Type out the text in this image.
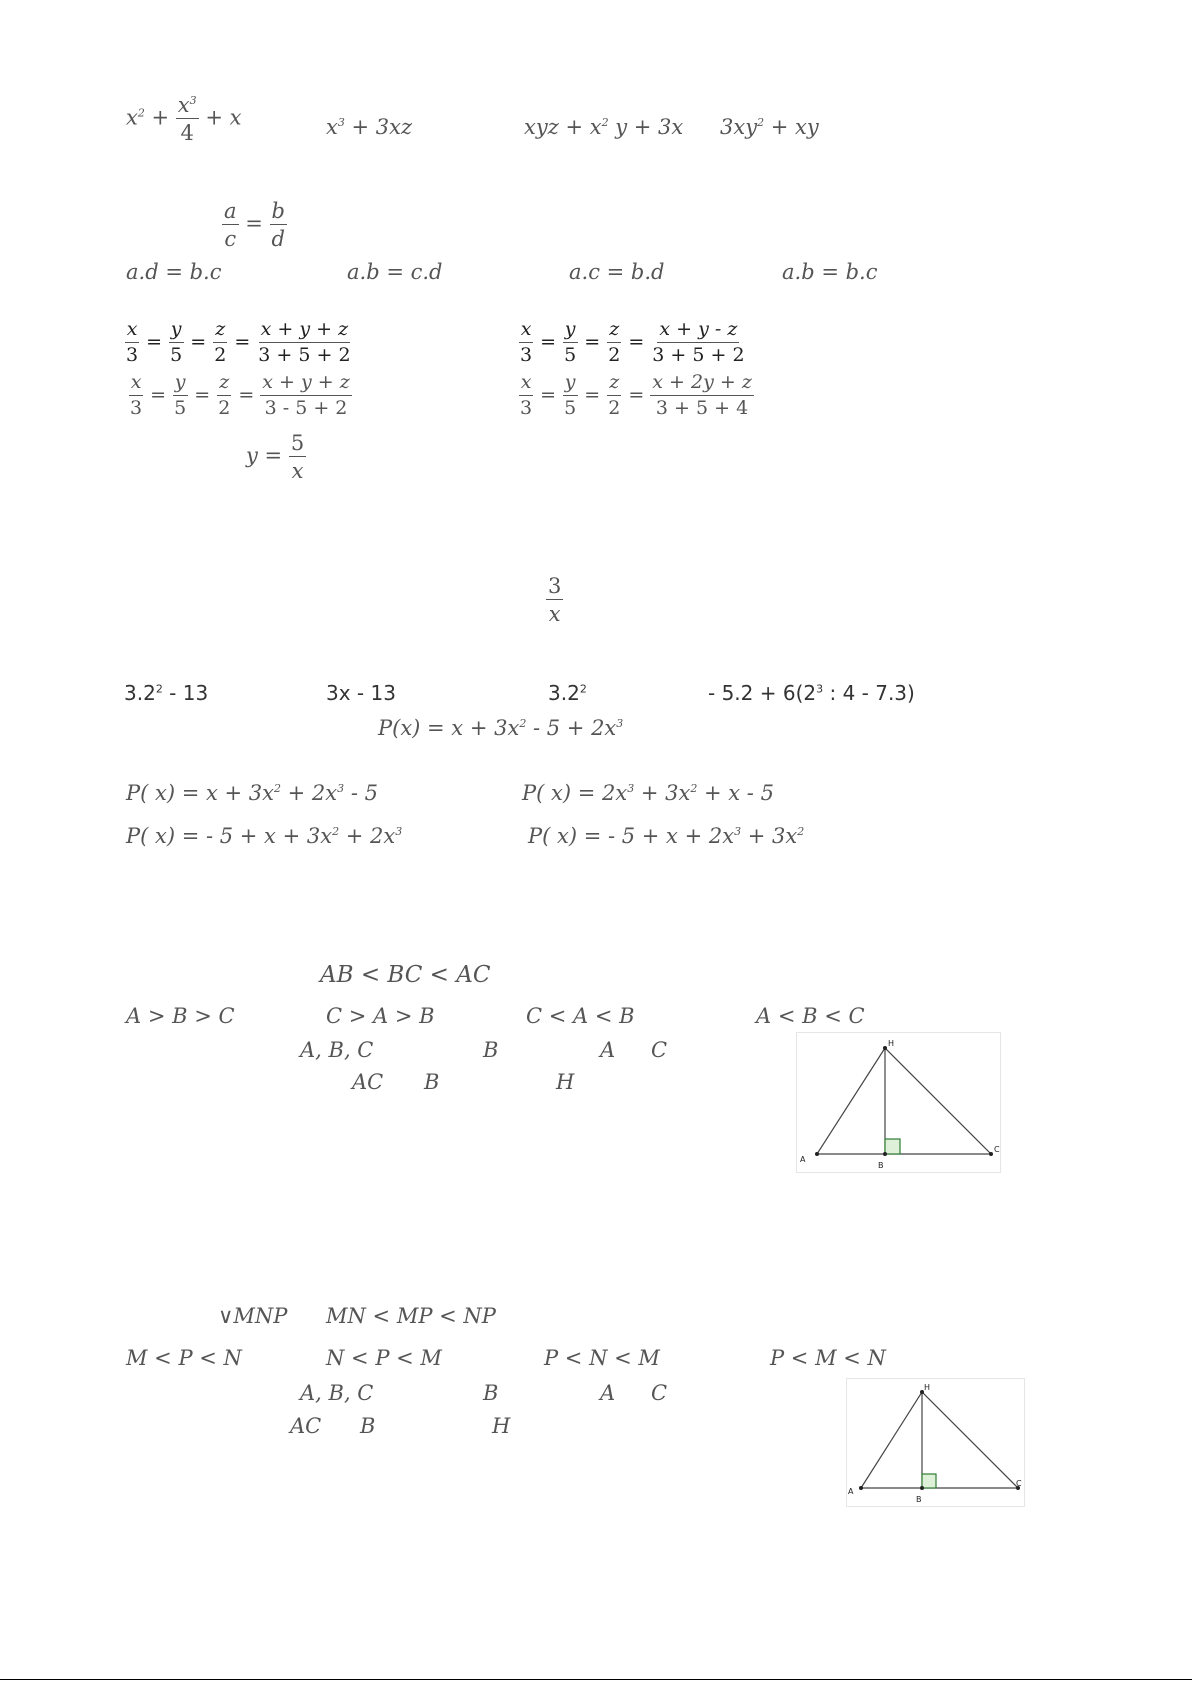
$x^2 + \frac{x^3}{4} + x$	$x^3 + 3xz$	xyz + $x^2$ y + 3x $3xy^2$ + xy
$\frac{a}{c} = \frac{b}{d}$
a.d = b.c	a.b = c.d	a.c = b.d	a.b = b.c
$\frac{x}{3} = \frac{y}{5} = \frac{z}{2} = \frac{x + y + z}{3 + 5 + 2}$	$\frac{x}{3} = \frac{y}{5} = \frac{z}{2} = \frac{x + y - z}{3 + 5 + 2}$
$\frac{x}{3} = \frac{y}{5} = \frac{z}{2} = \frac{x + y + z}{3 - 5 + 2}$	$\frac{x}{3} = \frac{y}{5} = \frac{z}{2} = \frac{x + 2y + z}{3 + 5 + 4}$
$y = \frac{5}{x}$
$\frac{3}{x}$
$3.2^2 - 13$	3x - 13	$3.2^2$	- $5.2 + 6(2^3$ : 4 - 7.3)
$P(x) = x + 3x^2 - 5 + 2x^3$
P( $x) = x + 3x^2 + 2x^3 - 5$	P( $x) = 2x^3 + 3x^2 + x - 5$
P( x) = - $5 + x + 3x^2 + 2x^3$	P( x) = - $5 + x + 2x^3 + 3x^2$
AB < BC < AC
A > B > C	C > A > B	C < A < B	A < B < C
A, B, C	B	A C
AC B	H
A
B
C
H
∨MNP MN < MP < NP
M < P < N	N < P < M	P < N < M	P < M < N
A, B, C	B	A C
AC B	H
A
B
C
H
